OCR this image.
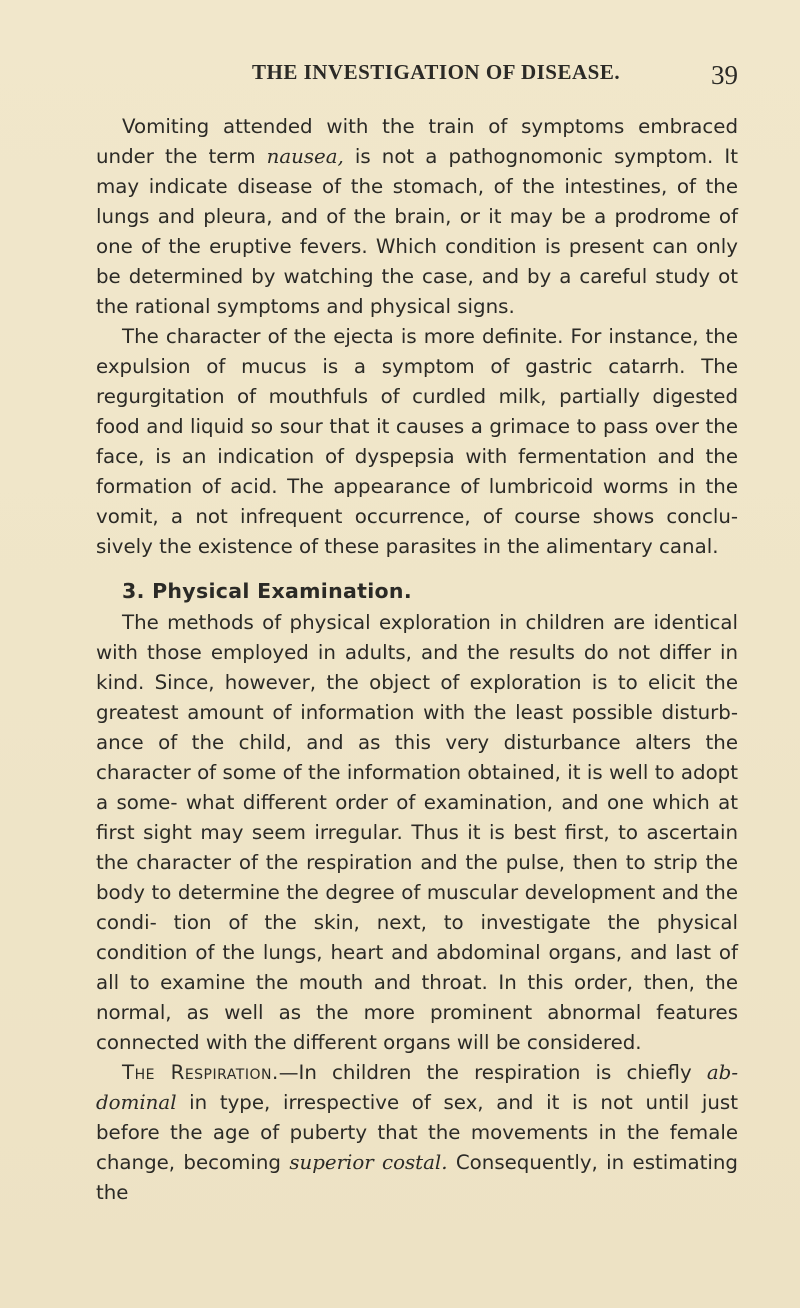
THE INVESTIGATION OF DISEASE.	39

Vomiting attended with the train of symptoms embraced under the term nausea, is not a pathognomonic symptom. It may indicate disease of the stomach, of the intestines, of the lungs and pleura, and of the brain, or it may be a prodrome of one of the eruptive fevers. Which condition is present can only be determined by watching the case, and by a careful study ot the rational symptoms and physical signs.

The character of the ejecta is more definite. For instance, the expulsion of mucus is a symptom of gastric catarrh. The regurgitation of mouthfuls of curdled milk, partially digested food and liquid so sour that it causes a grimace to pass over the face, is an indication of dyspepsia with fermentation and the formation of acid. The appearance of lumbricoid worms in the vomit, a not infrequent occurrence, of course shows conclu- sively the existence of these parasites in the alimentary canal.

3. Physical Examination.

The methods of physical exploration in children are identical with those employed in adults, and the results do not differ in kind. Since, however, the object of exploration is to elicit the greatest amount of information with the least possible disturb- ance of the child, and as this very disturbance alters the character of some of the information obtained, it is well to adopt a some- what different order of examination, and one which at first sight may seem irregular. Thus it is best first, to ascertain the character of the respiration and the pulse, then to strip the body to determine the degree of muscular development and the condi- tion of the skin, next, to investigate the physical condition of the lungs, heart and abdominal organs, and last of all to examine the mouth and throat. In this order, then, the normal, as well as the more prominent abnormal features connected with the different organs will be considered.

The Respiration.—In children the respiration is chiefly ab- dominal in type, irrespective of sex, and it is not until just before the age of puberty that the movements in the female change, becoming superior costal. Consequently, in estimating the
